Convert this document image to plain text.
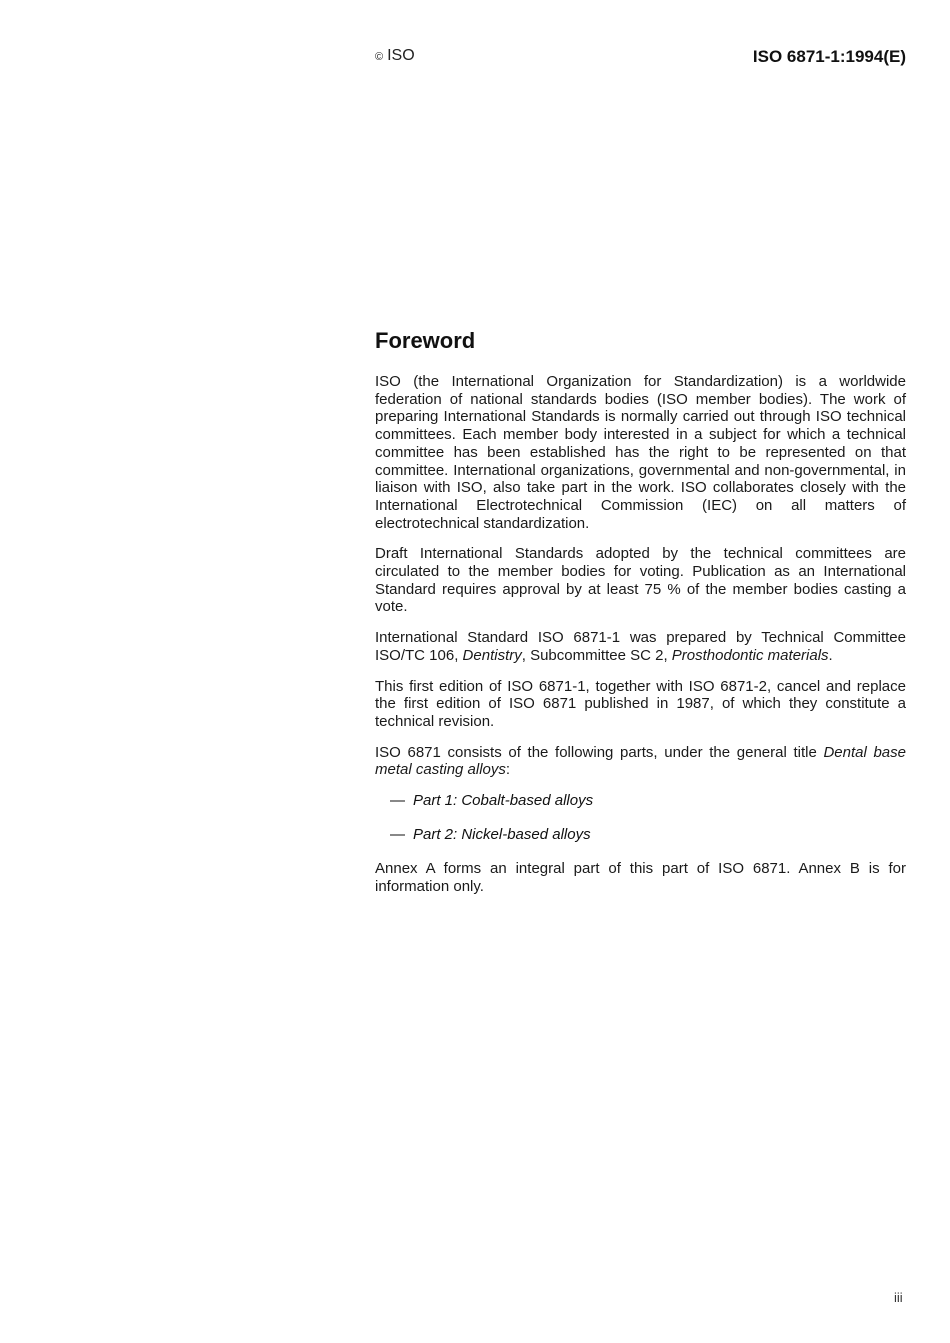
© ISO	ISO 6871-1:1994(E)
Foreword

ISO (the International Organization for Standardization) is a worldwide federation of national standards bodies (ISO member bodies). The work of preparing International Standards is normally carried out through ISO technical committees. Each member body interested in a subject for which a technical committee has been established has the right to be represented on that committee. International organizations, governmental and non-governmental, in liaison with ISO, also take part in the work. ISO collaborates closely with the International Electrotechnical Commission (IEC) on all matters of electrotechnical standardization.

Draft International Standards adopted by the technical committees are circulated to the member bodies for voting. Publication as an International Standard requires approval by at least 75 % of the member bodies casting a vote.

International Standard ISO 6871-1 was prepared by Technical Committee ISO/TC 106, Dentistry, Subcommittee SC 2, Prosthodontic materials.

This first edition of ISO 6871-1, together with ISO 6871-2, cancel and replace the first edition of ISO 6871 published in 1987, of which they constitute a technical revision.

ISO 6871 consists of the following parts, under the general title Dental base metal casting alloys:

— Part 1: Cobalt-based alloys
— Part 2: Nickel-based alloys

Annex A forms an integral part of this part of ISO 6871. Annex B is for information only.

iii
